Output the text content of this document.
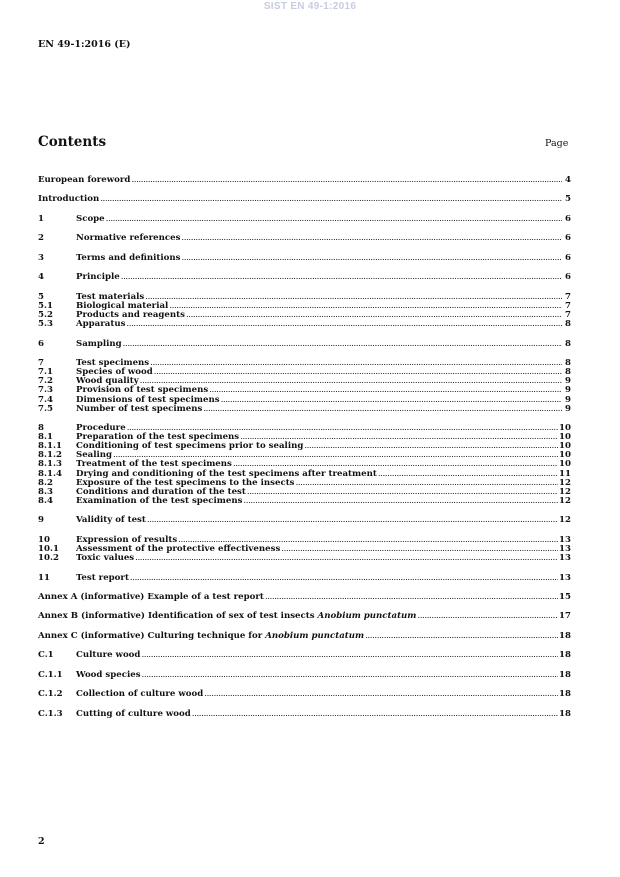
SIST EN 49-1:2016
EN 49-1:2016 (E)
Contents	Page
European foreword .....	4
Introduction .....	5
1	Scope .....	6
2	Normative references .....	6
3	Terms and definitions .....	6
4	Principle .....	6
5	Test materials .....	7
5.1	Biological material .....	7
5.2	Products and reagents .....	7
5.3	Apparatus .....	8
6	Sampling .....	8
7	Test specimens .....	8
7.1	Species of wood .....	8
7.2	Wood quality .....	9
7.3	Provision of test specimens .....	9
7.4	Dimensions of test specimens .....	9
7.5	Number of test specimens .....	9
8	Procedure .....	10
8.1	Preparation of the test specimens .....	10
8.1.1	Conditioning of test specimens prior to sealing .....	10
8.1.2	Sealing .....	10
8.1.3	Treatment of the test specimens .....	10
8.1.4	Drying and conditioning of the test specimens after treatment .....	11
8.2	Exposure of the test specimens to the insects .....	12
8.3	Conditions and duration of the test .....	12
8.4	Examination of the test specimens .....	12
9	Validity of test .....	12
10	Expression of results .....	13
10.1	Assessment of the protective effectiveness .....	13
10.2	Toxic values .....	13
11	Test report .....	13
Annex A (informative) Example of a test report .....	15
Annex B (informative) Identification of sex of test insects Anobium punctatum .....	17
Annex C (informative) Culturing technique for Anobium punctatum .....	18
C.1	Culture wood .....	18
C.1.1	Wood species .....	18
C.1.2	Collection of culture wood .....	18
C.1.3	Cutting of culture wood .....	18
2
